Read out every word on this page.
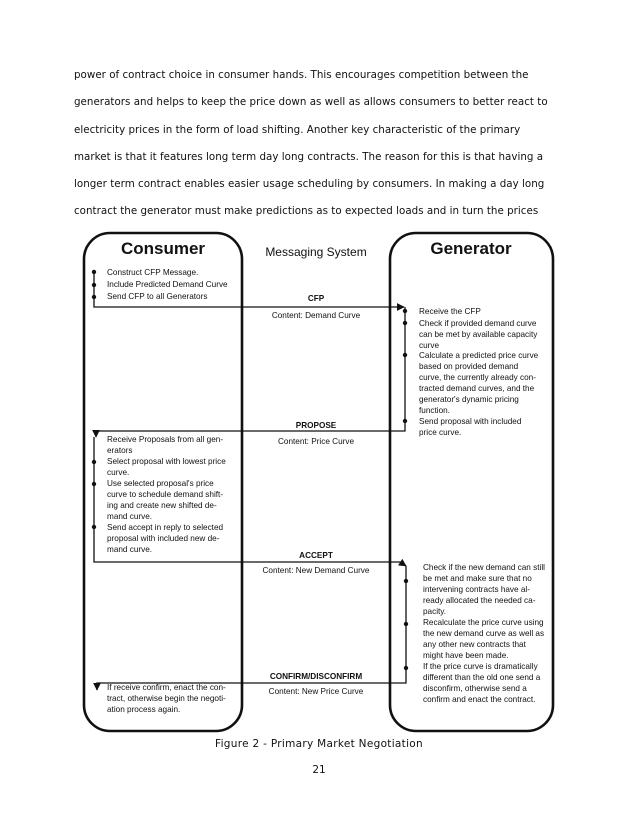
power of contract choice in consumer hands. This encourages competition between the
generators and helps to keep the price down as well as allows consumers to better react to
electricity prices in the form of load shifting. Another key characteristic of the primary
market is that it features long term day long contracts. The reason for this is that having a
longer term contract enables easier usage scheduling by consumers. In making a day long
contract the generator must make predictions as to expected loads and in turn the prices
Consumer	Messaging System	Generator
Construct CFP Message.
Include Predicted Demand Curve
Send CFP to all Generators	CFP
Content: Demand Curve	Receive the CFP
Check if provided demand curve
can be met by available capacity
curve
Calculate a predicted price curve
based on provided demand
curve, the currently already con-
tracted demand curves, and the
generator's dynamic pricing
function.
Send proposal with included
price curve.
PROPOSE
Content: Price Curve
Receive Proposals from all gen-
erators
Select proposal with lowest price
curve.
Use selected proposal's price
curve to schedule demand shift-
ing and create new shifted de-
mand curve.
Send accept in reply to selected
proposal with included new de-
mand curve.
ACCEPT
Content: New Demand Curve	Check if the new demand can still
be met and make sure that no
intervening contracts have al-
ready allocated the needed ca-
pacity.
Recalculate the price curve using
the new demand curve as well as
any other new contracts that
might have been made.
If the price curve is dramatically
different than the old one send a
disconfirm, otherwise send a
confirm and enact the contract.
CONFIRM/DISCONFIRM
Content: New Price Curve
If receive confirm, enact the con-
tract, otherwise begin the negoti-
ation process again.
Figure 2 - Primary Market Negotiation
21
